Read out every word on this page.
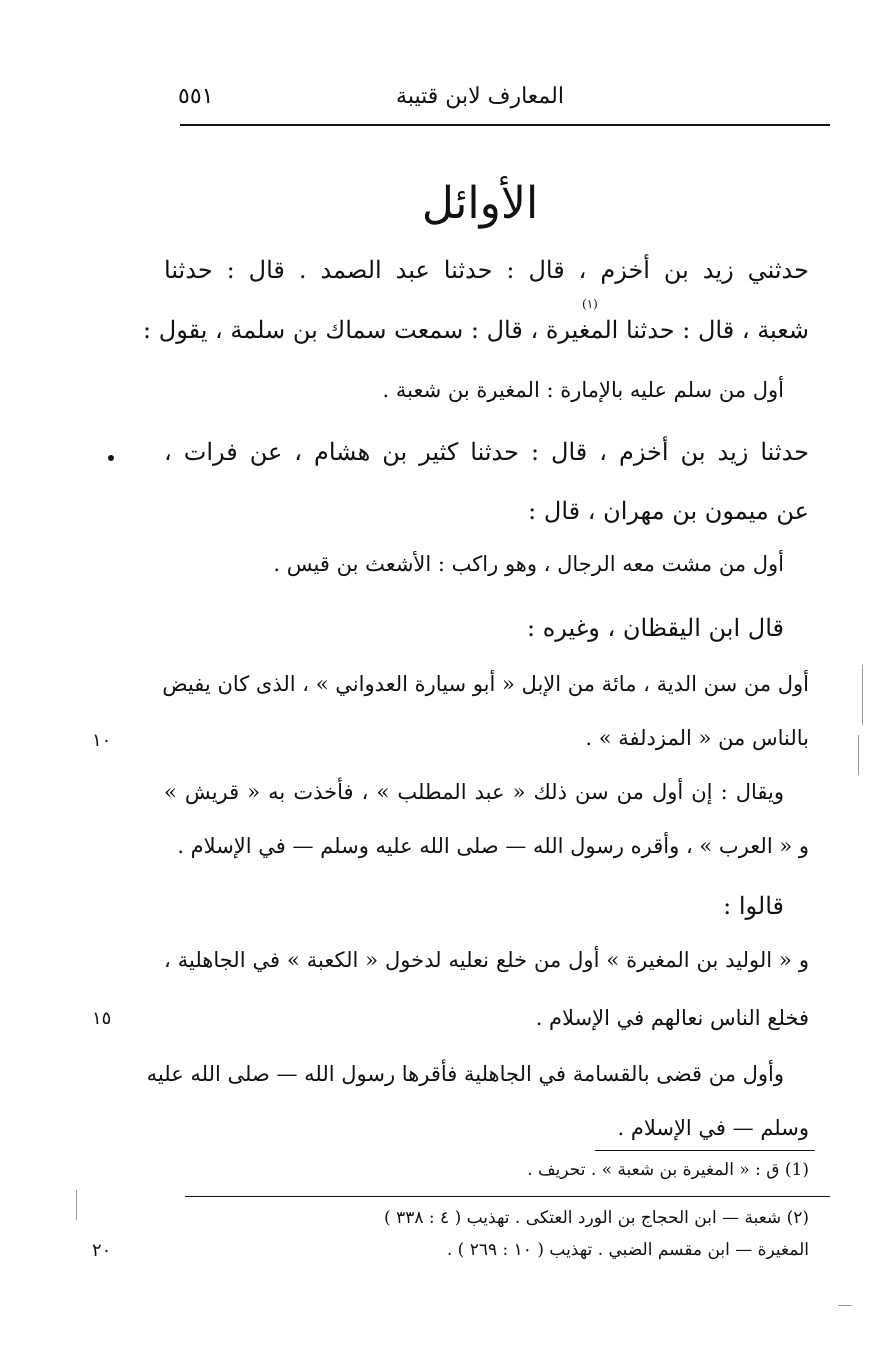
المعارف لابن قتيبة
٥٥١
الأوائل
(١)
حدثني زيد بن أخزم ، قال : حدثنا عبد الصمد . قال : حدثنا
شعبة ، قال : حدثنا المغيرة ، قال : سمعت سماك بن سلمة ، يقول :
أول من سلم عليه بالإمارة : المغيرة بن شعبة .
حدثنا زيد بن أخزم ، قال : حدثنا كثير بن هشام ، عن فرات ،
عن ميمون بن مهران ، قال :
أول من مشت معه الرجال ، وهو راكب : الأشعث بن قيس .
قال ابن اليقظان ، وغيره :
أول من سن الدية ، مائة من الإبل « أبو سيارة العدواني » ، الذى كان يفيض
بالناس من « المزدلفة » .
ويقال : إن أول من سن ذلك « عبد المطلب » ، فأخذت به « قريش »
و « العرب » ، وأقره رسول الله — صلى الله عليه وسلم — في الإسلام .
قالوا :
و « الوليد بن المغيرة » أول من خلع نعليه لدخول « الكعبة » في الجاهلية ،
فخلع الناس نعالهم في الإسلام .
وأول من قضى بالقسامة في الجاهلية فأقرها رسول الله — صلى الله عليه
وسلم — في الإسلام .
(1) ق : « المغيرة بن شعبة » . تحريف .
(٢) شعبة — ابن الحجاج بن الورد العتكى . تهذيب ( ٤ : ٣٣٨ )
المغيرة — ابن مقسم الضبي . تهذيب ( ١٠ : ٢٦٩ ) .
١٠
١٥
٢٠
